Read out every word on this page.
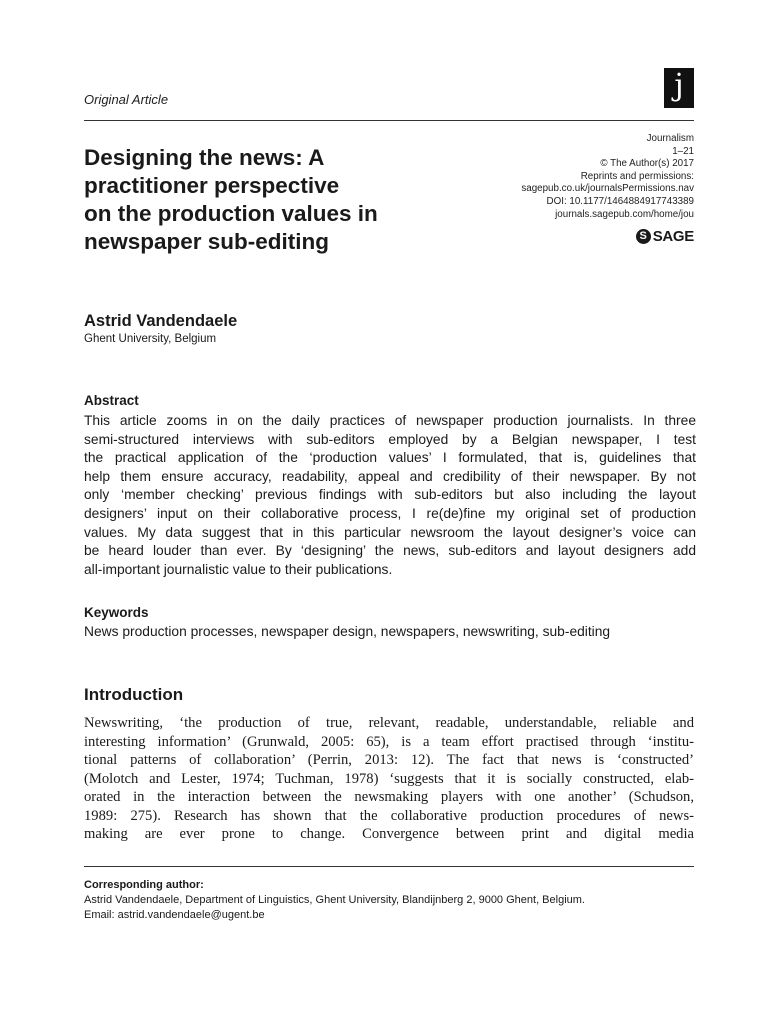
Original Article	j
Designing the news: A
practitioner perspective
on the production values in
newspaper sub-editing
Journalism
1–21
© The Author(s) 2017
Reprints and permissions:
sagepub.co.uk/journalsPermissions.nav
DOI: 10.1177/1464884917743389
journals.sagepub.com/home/jou
S SAGE
Astrid Vandendaele
Ghent University, Belgium
Abstract
This article zooms in on the daily practices of newspaper production journalists. In three
semi-structured interviews with sub-editors employed by a Belgian newspaper, I test
the practical application of the ‘production values’ I formulated, that is, guidelines that
help them ensure accuracy, readability, appeal and credibility of their newspaper. By not
only ‘member checking’ previous findings with sub-editors but also including the layout
designers’ input on their collaborative process, I re(de)fine my original set of production
values. My data suggest that in this particular newsroom the layout designer’s voice can
be heard louder than ever. By ‘designing’ the news, sub-editors and layout designers add
all-important journalistic value to their publications.
Keywords
News production processes, newspaper design, newspapers, newswriting, sub-editing
Introduction
Newswriting, ‘the production of true, relevant, readable, understandable, reliable and
interesting information’ (Grunwald, 2005: 65), is a team effort practised through ‘institu-
tional patterns of collaboration’ (Perrin, 2013: 12). The fact that news is ‘constructed’
(Molotch and Lester, 1974; Tuchman, 1978) ‘suggests that it is socially constructed, elab-
orated in the interaction between the newsmaking players with one another’ (Schudson,
1989: 275). Research has shown that the collaborative production procedures of news-
making are ever prone to change. Convergence between print and digital media
Corresponding author:
Astrid Vandendaele, Department of Linguistics, Ghent University, Blandijnberg 2, 9000 Ghent, Belgium.
Email: astrid.vandendaele@ugent.be
